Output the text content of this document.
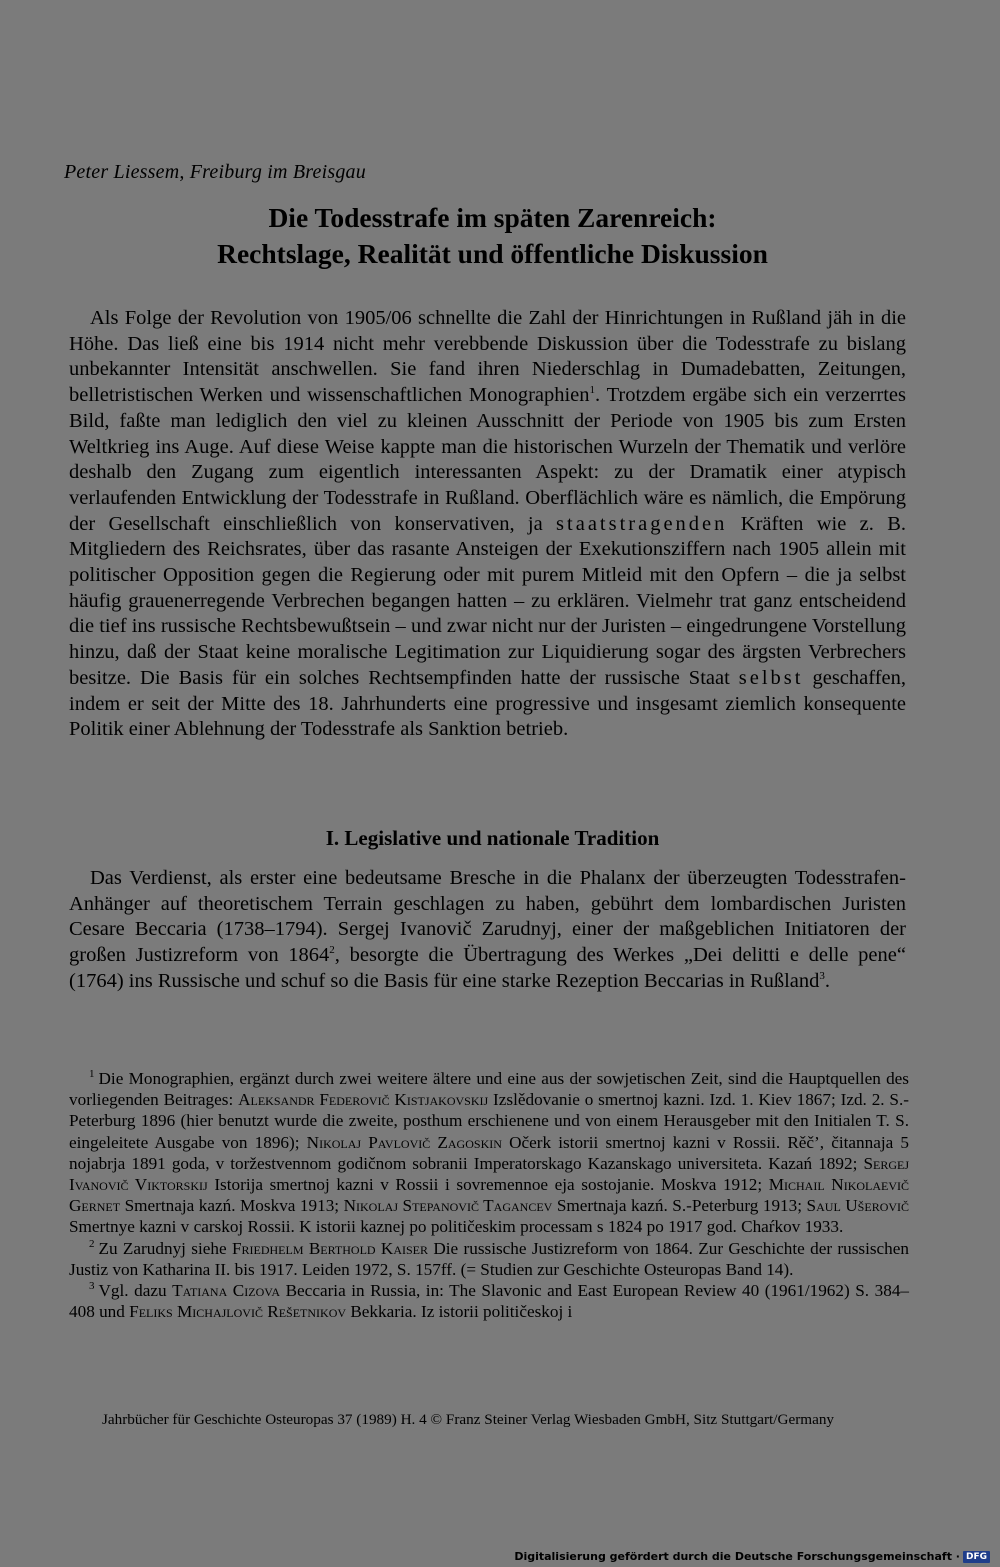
Peter Liessem, Freiburg im Breisgau
Die Todesstrafe im späten Zarenreich:
Rechtslage, Realität und öffentliche Diskussion

Als Folge der Revolution von 1905/06 schnellte die Zahl der Hinrichtungen in Rußland jäh in die Höhe. Das ließ eine bis 1914 nicht mehr verebbende Diskussion über die Todesstrafe zu bislang unbekannter Intensität anschwellen. Sie fand ihren Niederschlag in Dumadebatten, Zeitungen, belletristischen Werken und wissenschaftlichen Monographien$^1$. Trotzdem ergäbe sich ein verzerrtes Bild, faßte man lediglich den viel zu kleinen Ausschnitt der Periode von 1905 bis zum Ersten Weltkrieg ins Auge. Auf diese Weise kappte man die historischen Wurzeln der Thematik und verlöre deshalb den Zugang zum eigentlich interessanten Aspekt: zu der Dramatik einer atypisch verlaufenden Entwicklung der Todesstrafe in Rußland. Oberflächlich wäre es nämlich, die Empörung der Gesellschaft einschließlich von konservativen, ja staatstragenden Kräften wie z. B. Mitgliedern des Reichsrates, über das rasante Ansteigen der Exekutionsziffern nach 1905 allein mit politischer Opposition gegen die Regierung oder mit purem Mitleid mit den Opfern – die ja selbst häufig grauenerregende Verbrechen begangen hatten – zu erklären. Vielmehr trat ganz entscheidend die tief ins russische Rechtsbewußtsein – und zwar nicht nur der Juristen – eingedrungene Vorstellung hinzu, daß der Staat keine moralische Legitimation zur Liquidierung sogar des ärgsten Verbrechers besitze. Die Basis für ein solches Rechtsempfinden hatte der russische Staat selbst geschaffen, indem er seit der Mitte des 18. Jahrhunderts eine progressive und insgesamt ziemlich konsequente Politik einer Ablehnung der Todesstrafe als Sanktion betrieb.

I. Legislative und nationale Tradition

Das Verdienst, als erster eine bedeutsame Bresche in die Phalanx der überzeugten Todesstrafen-Anhänger auf theoretischem Terrain geschlagen zu haben, gebührt dem lombardischen Juristen Cesare Beccaria (1738–1794). Sergej Ivanovič Zarudnyj, einer der maßgeblichen Initiatoren der großen Justizreform von 1864$^2$, besorgte die Übertragung des Werkes „Dei delitti e delle pene“ (1764) ins Russische und schuf so die Basis für eine starke Rezeption Beccarias in Rußland$^3$.

$^1$ Die Monographien, ergänzt durch zwei weitere ältere und eine aus der sowjetischen Zeit, sind die Hauptquellen des vorliegenden Beitrages: Aleksandr Federovič Kistjakovskij Izslědovanie o smertnoj kazni. Izd. 1. Kiev 1867; Izd. 2. S.-Peterburg 1896 (hier benutzt wurde die zweite, posthum erschienene und von einem Herausgeber mit den Initialen T. S. eingeleitete Ausgabe von 1896); Nikolaj Pavlovič Zagoskin Očerk istorii smertnoj kazni v Rossii. Rěč’, čitannaja 5 nojabrja 1891 goda, v toržestvennom godičnom sobranii Imperatorskago Kazanskago universiteta. Kazań 1892; Sergej Ivanovič Viktorskij Istorija smertnoj kazni v Rossii i sovremennoe eja sostojanie. Moskva 1912; Michail Nikolaevič Gernet Smertnaja kazń. Moskva 1913; Nikolaj Stepanovič Tagancev Smertnaja kazń. S.-Peterburg 1913; Saul Ušerovič Smertnye kazni v carskoj Rossii. K istorii kaznej po političeskim processam s 1824 po 1917 god. Chaŕkov 1933.

$^2$ Zu Zarudnyj siehe Friedhelm Berthold Kaiser Die russische Justizreform von 1864. Zur Geschichte der russischen Justiz von Katharina II. bis 1917. Leiden 1972, S. 157ff. (= Studien zur Geschichte Osteuropas Band 14).

$^3$ Vgl. dazu Tatiana Cizova Beccaria in Russia, in: The Slavonic and East European Review 40 (1961/1962) S. 384–408 und Feliks Michajlovič Rešetnikov Bekkaria. Iz istorii političeskoj i

Jahrbücher für Geschichte Osteuropas 37 (1989) H. 4 © Franz Steiner Verlag Wiesbaden GmbH, Sitz Stuttgart/Germany
Digitalisierung gefördert durch die Deutsche Forschungsgemeinschaft · DFG
